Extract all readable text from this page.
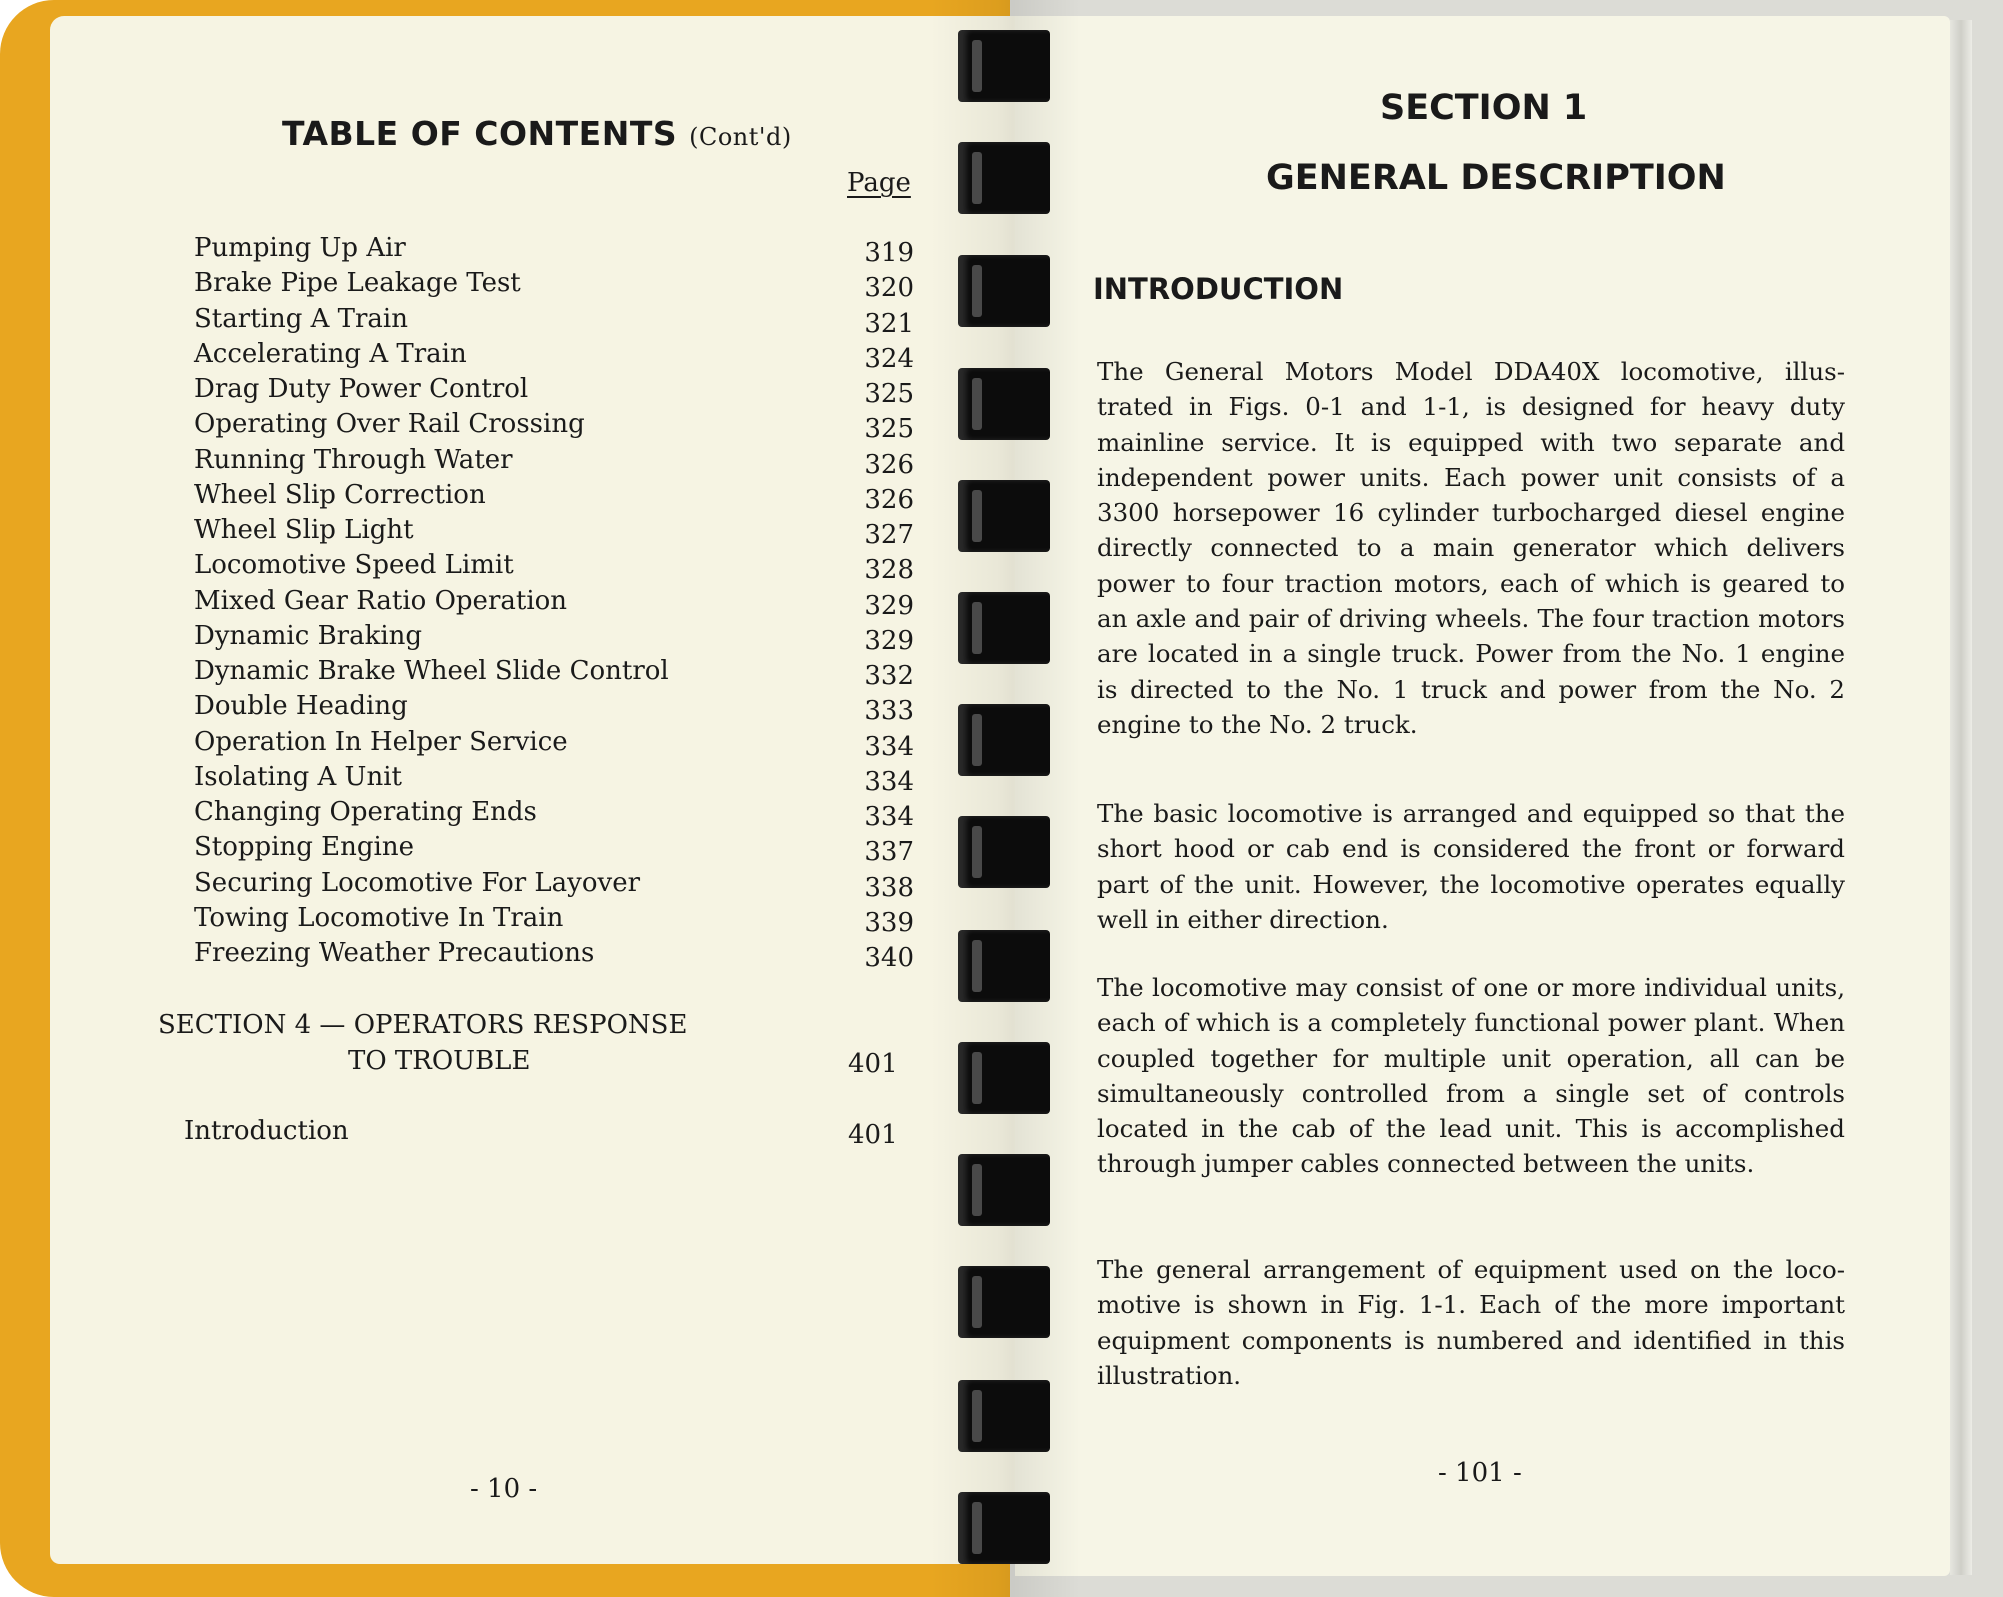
TABLE OF CONTENTS (Cont'd)
Page
Pumping Up Air	319
Brake Pipe Leakage Test	320
Starting A Train	321
Accelerating A Train	324
Drag Duty Power Control	325
Operating Over Rail Crossing	325
Running Through Water	326
Wheel Slip Correction	326
Wheel Slip Light	327
Locomotive Speed Limit	328
Mixed Gear Ratio Operation	329
Dynamic Braking	329
Dynamic Brake Wheel Slide Control	332
Double Heading	333
Operation In Helper Service	334
Isolating A Unit	334
Changing Operating Ends	334
Stopping Engine	337
Securing Locomotive For Layover	338
Towing Locomotive In Train	339
Freezing Weather Precautions	340
SECTION 4 — OPERATORS RESPONSE
TO TROUBLE	401
Introduction	401
- 10 -
SECTION 1
GENERAL DESCRIPTION
INTRODUCTION
The General Motors Model DDA40X locomotive, illus- trated in Figs. 0-1 and 1-1, is designed for heavy duty mainline service. It is equipped with two separate and independent power units. Each power unit consists of a 3300 horsepower 16 cylinder turbocharged diesel engine directly connected to a main generator which delivers power to four traction motors, each of which is geared to an axle and pair of driving wheels. The four traction motors are located in a single truck. Power from the No. 1 engine is directed to the No. 1 truck and power from the No. 2 engine to the No. 2 truck.
The basic locomotive is arranged and equipped so that the short hood or cab end is considered the front or forward part of the unit. However, the locomotive operates equally well in either direction.
The locomotive may consist of one or more individual units, each of which is a completely functional power plant. When coupled together for multiple unit operation, all can be simultaneously controlled from a single set of controls located in the cab of the lead unit. This is accomplished through jumper cables connected between the units.
The general arrangement of equipment used on the loco- motive is shown in Fig. 1-1. Each of the more important equipment components is numbered and identified in this illustration.
- 101 -
